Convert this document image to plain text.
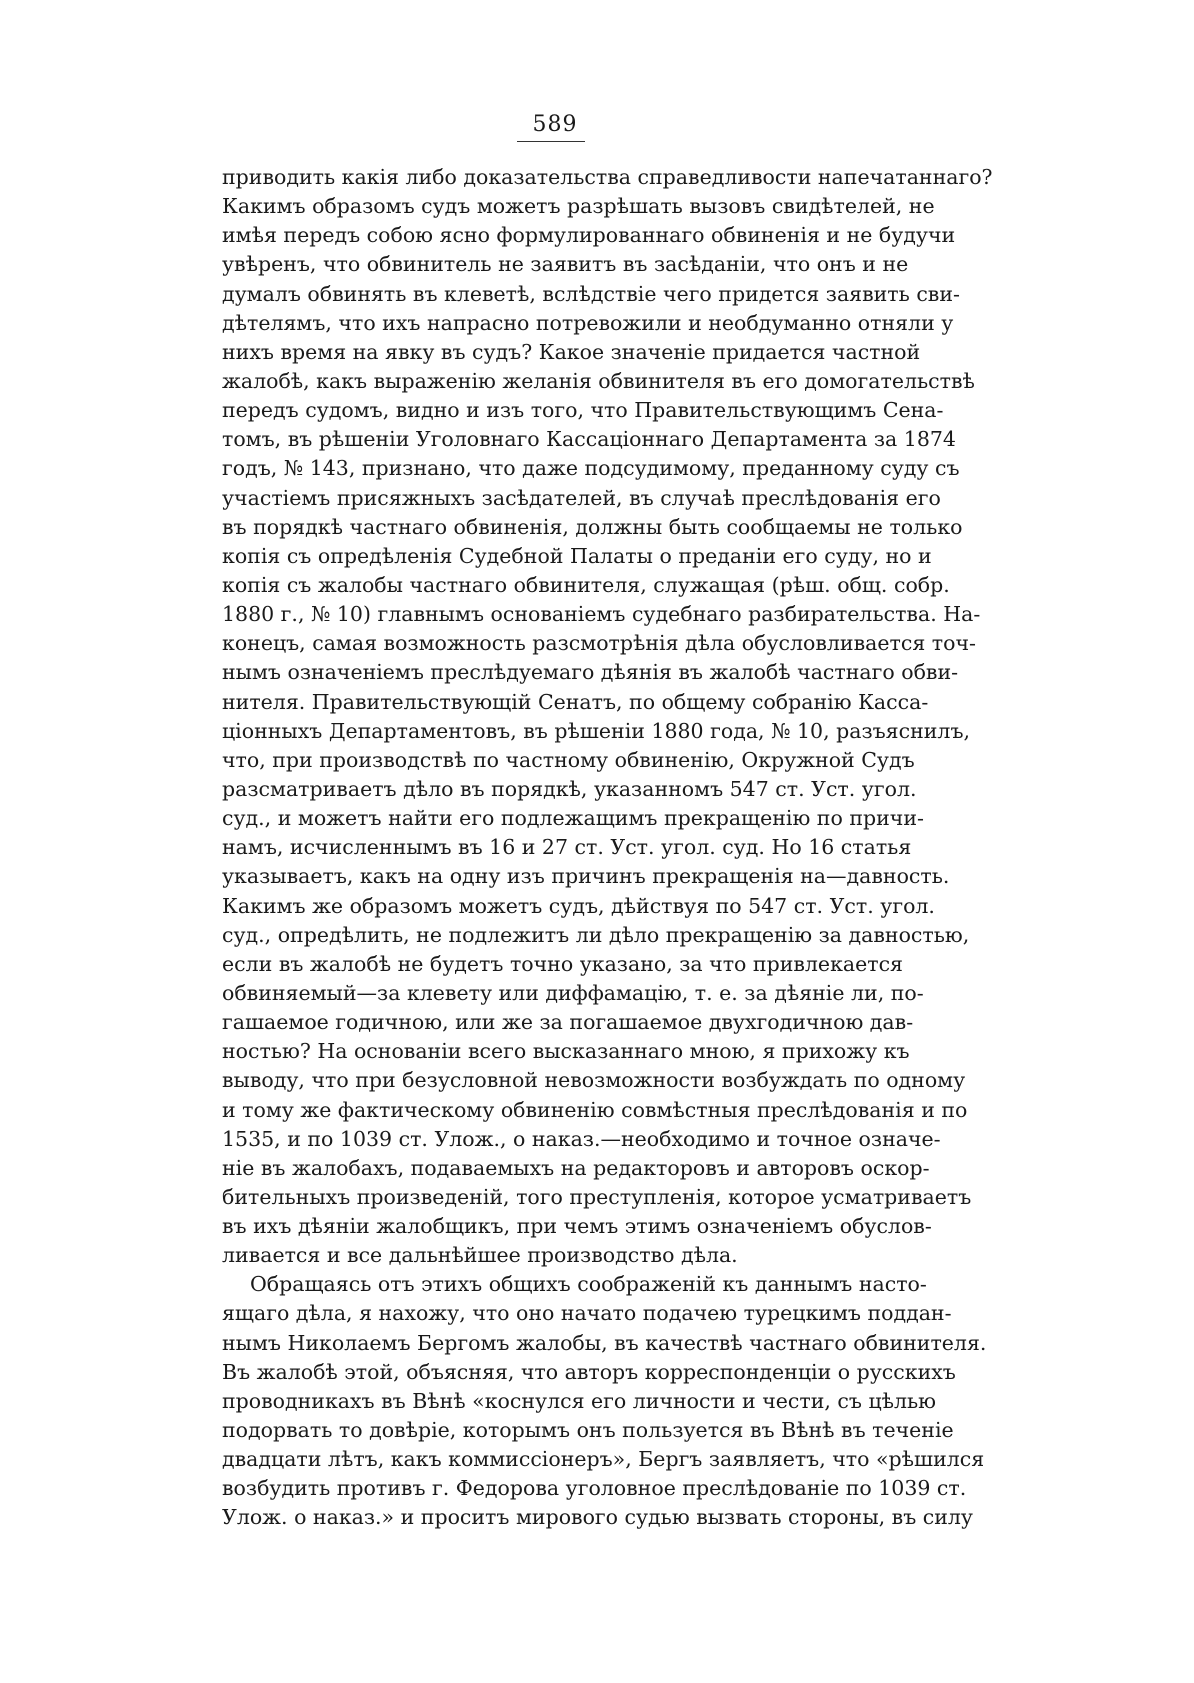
589
приводить какія либо доказательства справедливости напечатаннаго?
Какимъ образомъ судъ можетъ разрѣшать вызовъ свидѣтелей, не
имѣя передъ собою ясно формулированнаго обвиненія и не будучи
увѣренъ, что обвинитель не заявитъ въ засѣданіи, что онъ и не
думалъ обвинять въ клеветѣ, вслѣдствіе чего придется заявить сви-
дѣтелямъ, что ихъ напрасно потревожили и необдуманно отняли у
нихъ время на явку въ судъ? Какое значеніе придается частной
жалобѣ, какъ выраженію желанія обвинителя въ его домогательствѣ
передъ судомъ, видно и изъ того, что Правительствующимъ Сена-
томъ, въ рѣшеніи Уголовнаго Кассаціоннаго Департамента за 1874
годъ, № 143, признано, что даже подсудимому, преданному суду съ
участіемъ присяжныхъ засѣдателей, въ случаѣ преслѣдованія его
въ порядкѣ частнаго обвиненія, должны быть сообщаемы не только
копія съ опредѣленія Судебной Палаты о преданіи его суду, но и
копія съ жалобы частнаго обвинителя, служащая (рѣш. общ. собр.
1880 г., № 10) главнымъ основаніемъ судебнаго разбирательства. На-
конецъ, самая возможность разсмотрѣнія дѣла обусловливается точ-
нымъ означеніемъ преслѣдуемаго дѣянія въ жалобѣ частнаго обви-
нителя. Правительствующій Сенатъ, по общему собранію Касса-
ціонныхъ Департаментовъ, въ рѣшеніи 1880 года, № 10, разъяснилъ,
что, при производствѣ по частному обвиненію, Окружной Судъ
разсматриваетъ дѣло въ порядкѣ, указанномъ 547 ст. Уст. угол.
суд., и можетъ найти его подлежащимъ прекращенію по причи-
намъ, исчисленнымъ въ 16 и 27 ст. Уст. угол. суд. Но 16 статья
указываетъ, какъ на одну изъ причинъ прекращенія на—давность.
Какимъ же образомъ можетъ судъ, дѣйствуя по 547 ст. Уст. угол.
суд., опредѣлить, не подлежитъ ли дѣло прекращенію за давностью,
если въ жалобѣ не будетъ точно указано, за что привлекается
обвиняемый—за клевету или диффамацію, т. е. за дѣяніе ли, по-
гашаемое годичною, или же за погашаемое двухгодичною дав-
ностью? На основаніи всего высказаннаго мною, я прихожу къ
выводу, что при безусловной невозможности возбуждать по одному
и тому же фактическому обвиненію совмѣстныя преслѣдованія и по
1535, и по 1039 ст. Улож., о наказ.—необходимо и точное означе-
ніе въ жалобахъ, подаваемыхъ на редакторовъ и авторовъ оскор-
бительныхъ произведеній, того преступленія, которое усматриваетъ
въ ихъ дѣяніи жалобщикъ, при чемъ этимъ означеніемъ обуслов-
ливается и все дальнѣйшее производство дѣла.
Обращаясь отъ этихъ общихъ соображеній къ даннымъ насто-
ящаго дѣла, я нахожу, что оно начато подачею турецкимъ поддан-
нымъ Николаемъ Бергомъ жалобы, въ качествѣ частнаго обвинителя.
Въ жалобѣ этой, объясняя, что авторъ корреспонденціи о русскихъ
проводникахъ въ Вѣнѣ «коснулся его личности и чести, съ цѣлью
подорвать то довѣріе, которымъ онъ пользуется въ Вѣнѣ въ теченіе
двадцати лѣтъ, какъ коммиссіонеръ», Бергъ заявляетъ, что «рѣшился
возбудить противъ г. Федорова уголовное преслѣдованіе по 1039 ст.
Улож. о наказ.» и проситъ мирового судью вызвать стороны, въ силу
